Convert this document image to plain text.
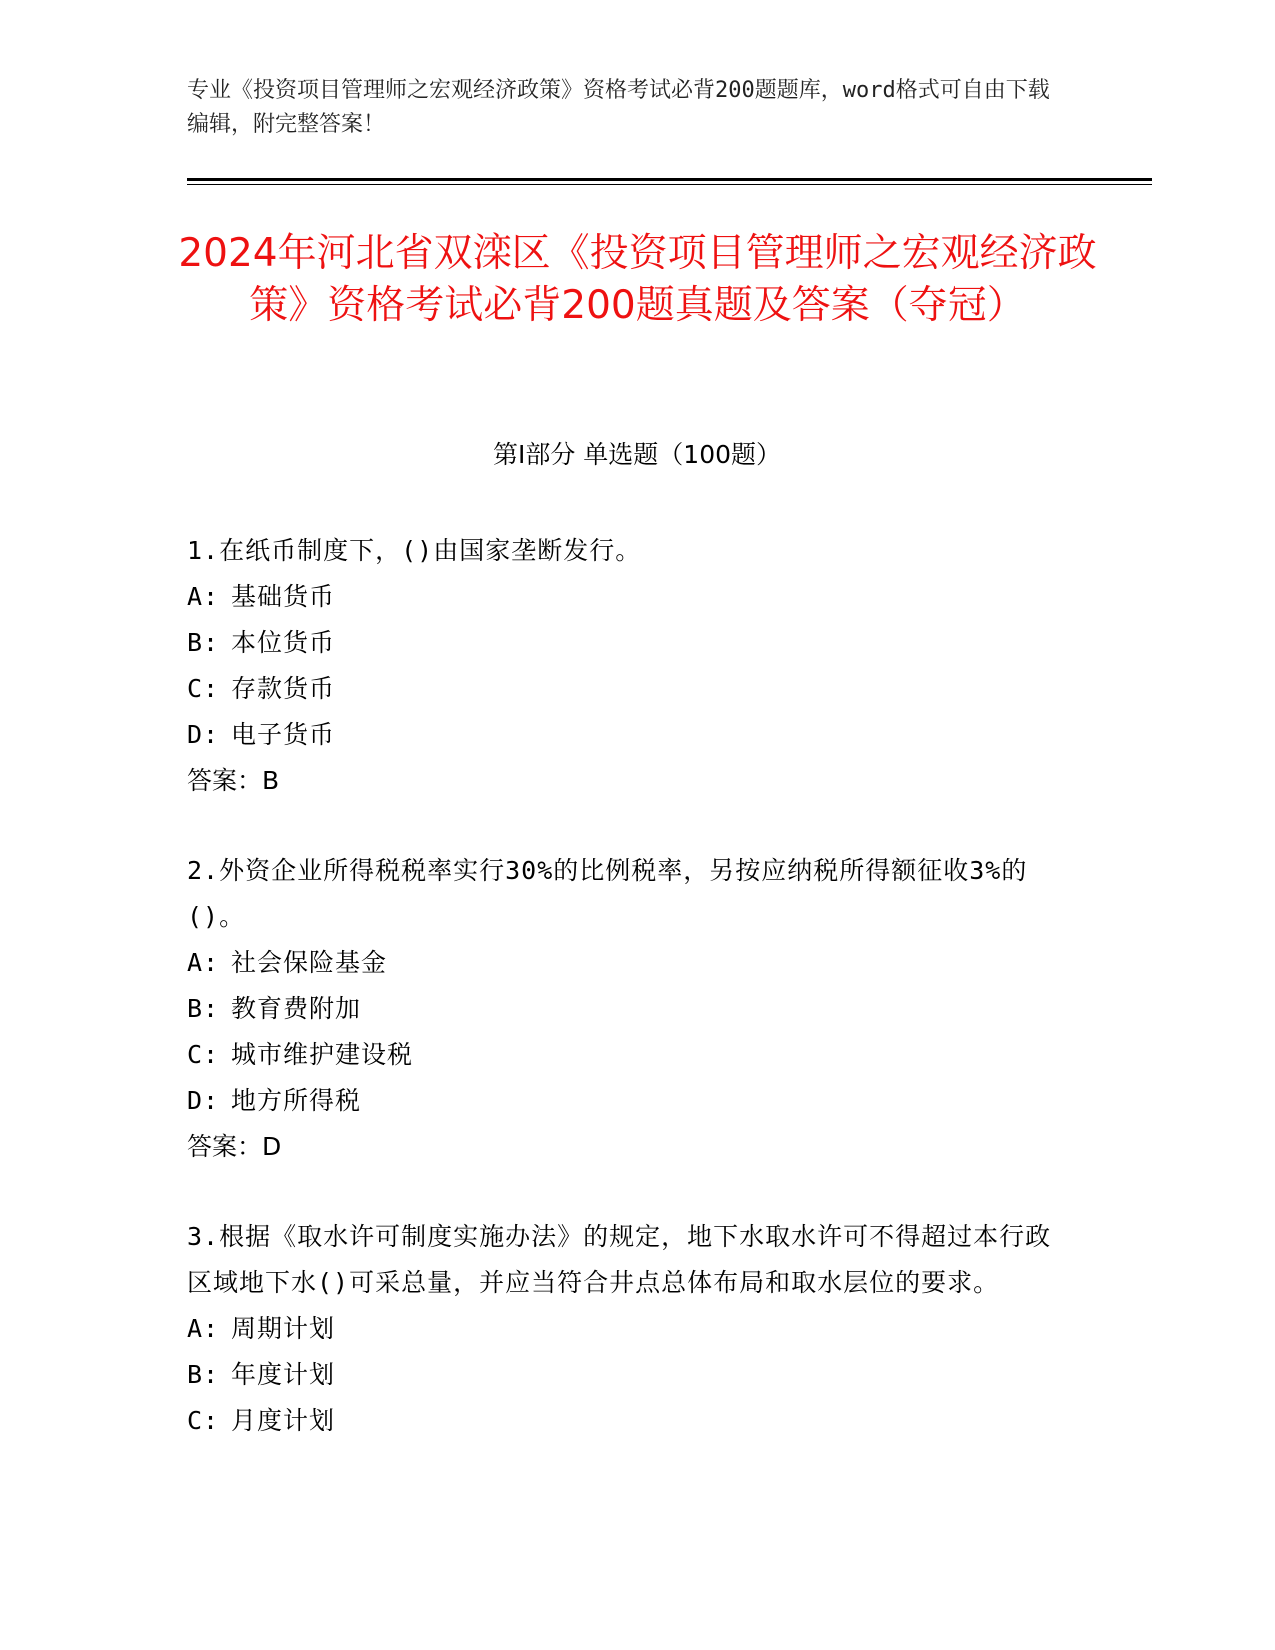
专业《投资项目管理师之宏观经济政策》资格考试必背200题题库，word格式可自由下载编辑，附完整答案！
2024年河北省双滦区《投资项目管理师之宏观经济政策》资格考试必背200题真题及答案（夺冠）
第I部分 单选题（100题）

1.在纸币制度下，()由国家垄断发行。

A: 基础货币

B: 本位货币

C: 存款货币

D: 电子货币

答案：B

2.外资企业所得税税率实行30%的比例税率，另按应纳税所得额征收3%的()。

A: 社会保险基金

B: 教育费附加

C: 城市维护建设税

D: 地方所得税

答案：D

3.根据《取水许可制度实施办法》的规定，地下水取水许可不得超过本行政区域地下水()可采总量，并应当符合井点总体布局和取水层位的要求。

A: 周期计划

B: 年度计划

C: 月度计划
